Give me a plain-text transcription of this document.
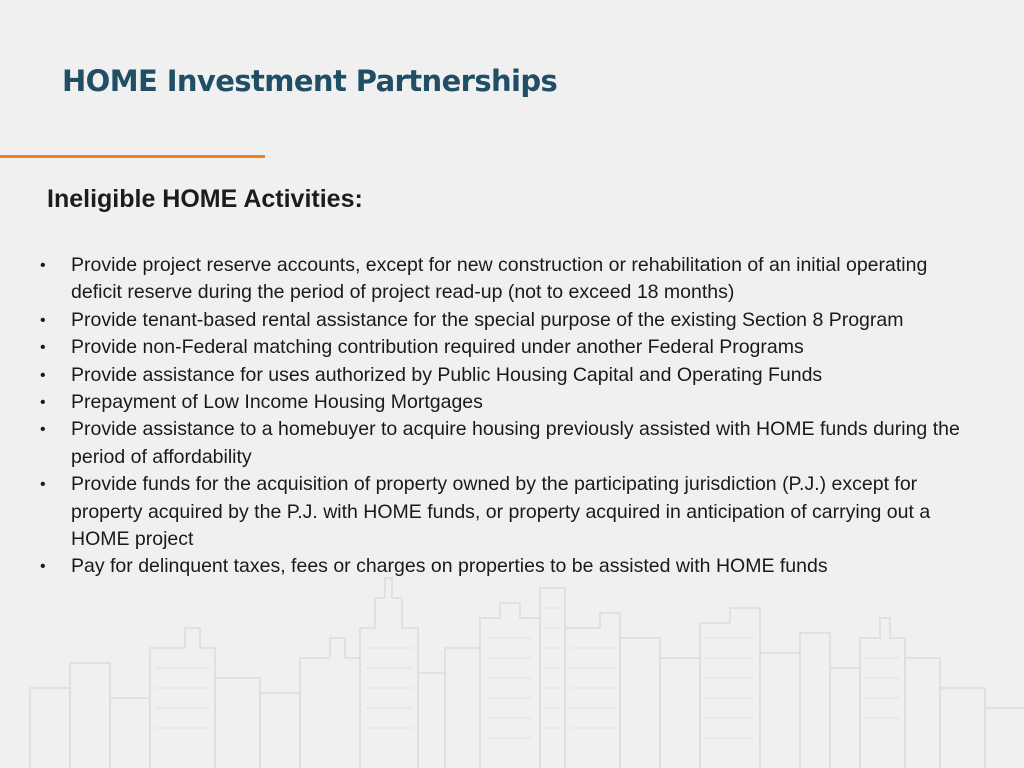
HOME Investment Partnerships
Ineligible HOME Activities:
•	Provide project reserve accounts, except for new construction or rehabilitation of an initial operating deficit reserve during the period of project read-up (not to exceed 18 months)
•	Provide tenant-based rental assistance for the special purpose of the existing Section 8 Program
•	Provide non-Federal matching contribution required under another Federal Programs
•	Provide assistance for uses authorized by Public Housing Capital and Operating Funds
•	Prepayment of Low Income Housing Mortgages
•	Provide assistance to a homebuyer to acquire housing previously assisted with HOME funds during the period of affordability
•	Provide funds for the acquisition of property owned by the participating jurisdiction (P.J.) except for property acquired by the P.J. with HOME funds, or property acquired in anticipation of carrying out a HOME project
•	Pay for delinquent taxes, fees or charges on properties to be assisted with HOME funds
